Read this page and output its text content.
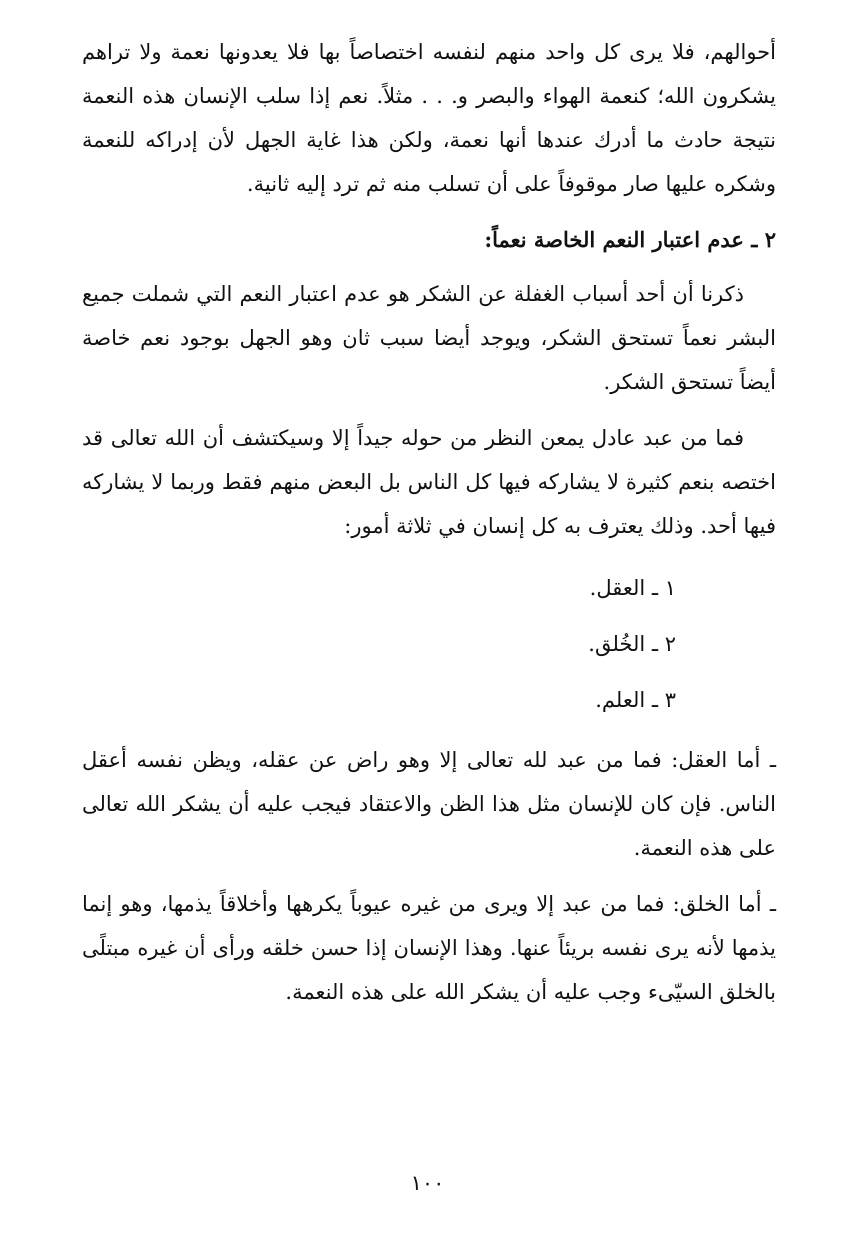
أحوالهم، فلا يرى كل واحد منهم لنفسه اختصاصاً بها فلا يعدونها نعمة ولا تراهم يشكرون الله؛ كنعمة الهواء والبصر و. . . مثلاً. نعم إذا سلب الإنسان هذه النعمة نتيجة حادث ما أدرك عندها أنها نعمة، ولكن هذا غاية الجهل لأن إدراكه للنعمة وشكره عليها صار موقوفاً على أن تسلب منه ثم ترد إليه ثانية.

٢ ـ عدم اعتبار النعم الخاصة نعماً:

ذكرنا أن أحد أسباب الغفلة عن الشكر هو عدم اعتبار النعم التي شملت جميع البشر نعماً تستحق الشكر، ويوجد أيضا سبب ثان وهو الجهل بوجود نعم خاصة أيضاً تستحق الشكر.

فما من عبد عادل يمعن النظر من حوله جيداً إلا وسيكتشف أن الله تعالى قد اختصه بنعم كثيرة لا يشاركه فيها كل الناس بل البعض منهم فقط وربما لا يشاركه فيها أحد. وذلك يعترف به كل إنسان في ثلاثة أمور:

١ ـ العقل.
٢ ـ الخُلق.
٣ ـ العلم.

ـ أما العقل: فما من عبد لله تعالى إلا وهو راض عن عقله، ويظن نفسه أعقل الناس. فإن كان للإنسان مثل هذا الظن والاعتقاد فيجب عليه أن يشكر الله تعالى على هذه النعمة.

ـ أما الخلق: فما من عبد إلا ويرى من غيره عيوباً يكرهها وأخلاقاً يذمها، وهو إنما يذمها لأنه يرى نفسه بريئاً عنها. وهذا الإنسان إذا حسن خلقه ورأى أن غيره مبتلًى بالخلق السيّىء وجب عليه أن يشكر الله على هذه النعمة.

١٠٠
